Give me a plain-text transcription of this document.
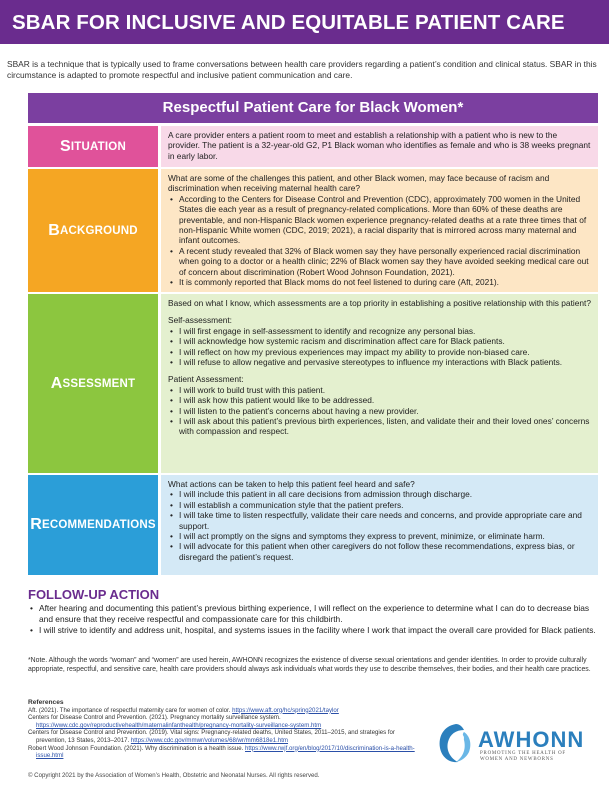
SBAR FOR INCLUSIVE AND EQUITABLE PATIENT CARE

SBAR is a technique that is typically used to frame conversations between health care providers regarding a patient’s condition and clinical status. SBAR in this circumstance is adapted to promote respectful and inclusive patient communication and care.

Respectful Patient Care for Black Women*
S ITUATION

A care provider enters a patient room to meet and establish a relationship with a patient who is new to the provider. The patient is a 32-year-old G2, P1 Black woman who identifies as female and who is 38 weeks pregnant in early labor.

B ACKGROUND

What are some of the challenges this patient, and other Black women, may face because of racism and discrimination when receiving maternal health care?

• According to the Centers for Disease Control and Prevention (CDC), approximately 700 women in the United States die each year as a result of pregnancy-related complications. More than 60% of these deaths are preventable, and non-Hispanic Black women experience pregnancy-related deaths at a rate three times that of non-Hispanic White women (CDC, 2019; 2021), a racial disparity that is mirrored across many maternal and infant outcomes.
• A recent study revealed that 32% of Black women say they have personally experienced racial discrimination when going to a doctor or a health clinic; 22% of Black women say they have avoided seeking medical care out of concern about discrimination (Robert Wood Johnson Foundation, 2021).
• It is commonly reported that Black moms do not feel listened to during care (Aft, 2021).
A SSESSMENT

Based on what I know, which assessments are a top priority in establishing a positive relationship with this patient?

Self-assessment:

• I will first engage in self-assessment to identify and recognize any personal bias.
• I will acknowledge how systemic racism and discrimination affect care for Black patients.
• I will reflect on how my previous experiences may impact my ability to provide non-biased care.
• I will refuse to allow negative and pervasive stereotypes to influence my interactions with Black patients.

Patient Assessment:

• I will work to build trust with this patient.
• I will ask how this patient would like to be addressed.
• I will listen to the patient’s concerns about having a new provider.
• I will ask about this patient’s previous birth experiences, listen, and validate their and their loved ones’ concerns with compassion and respect.
R ECOMMENDATIONS

What actions can be taken to help this patient feel heard and safe?

• I will include this patient in all care decisions from admission through discharge.
• I will establish a communication style that the patient prefers.
• I will take time to listen respectfully, validate their care needs and concerns, and provide appropriate care and support.
• I will act promptly on the signs and symptoms they express to prevent, minimize, or eliminate harm.
• I will advocate for this patient when other caregivers do not follow these recommendations, express bias, or disregard the patient’s request.
FOLLOW-UP ACTION
• After hearing and documenting this patient’s previous birthing experience, I will reflect on the experience to determine what I can do to decrease bias and ensure that they receive respectful and compassionate care for this childbirth.
• I will strive to identify and address unit, hospital, and systems issues in the facility where I work that impact the overall care provided for Black patients.

*Note. Although the words “woman” and “women” are used herein, AWHONN recognizes the existence of diverse sexual orientations and gender identities. In order to provide culturally appropriate, respectful, and sensitive care, health care providers should always ask individuals what words they use to describe themselves, their bodies, and their health care practices.

References

Aft. (2021). The importance of respectful maternity care for women of color. https://www.aft.org/hc/spring2021/taylor

Centers for Disease Control and Prevention. (2021). Pregnancy mortality surveillance system. https://www.cdc.gov/reproductivehealth/maternalinfanthealth/pregnancy-mortality-surveillance-system.htm

Centers for Disease Control and Prevention. (2019). Vital signs: Pregnancy-related deaths, United States, 2011–2015, and strategies for prevention, 13 States, 2013–2017. https://www.cdc.gov/mmwr/volumes/68/wr/mm6818e1.htm

Robert Wood Johnson Foundation. (2021). Why discrimination is a health issue. https://www.rwjf.org/en/blog/2017/10/discrimination-is-a-health-issue.html

AWHONN
PROMOTING THE HEALTH OF
WOMEN AND NEWBORNS

© Copyright 2021 by the Association of Women’s Health, Obstetric and Neonatal Nurses. All rights reserved.
